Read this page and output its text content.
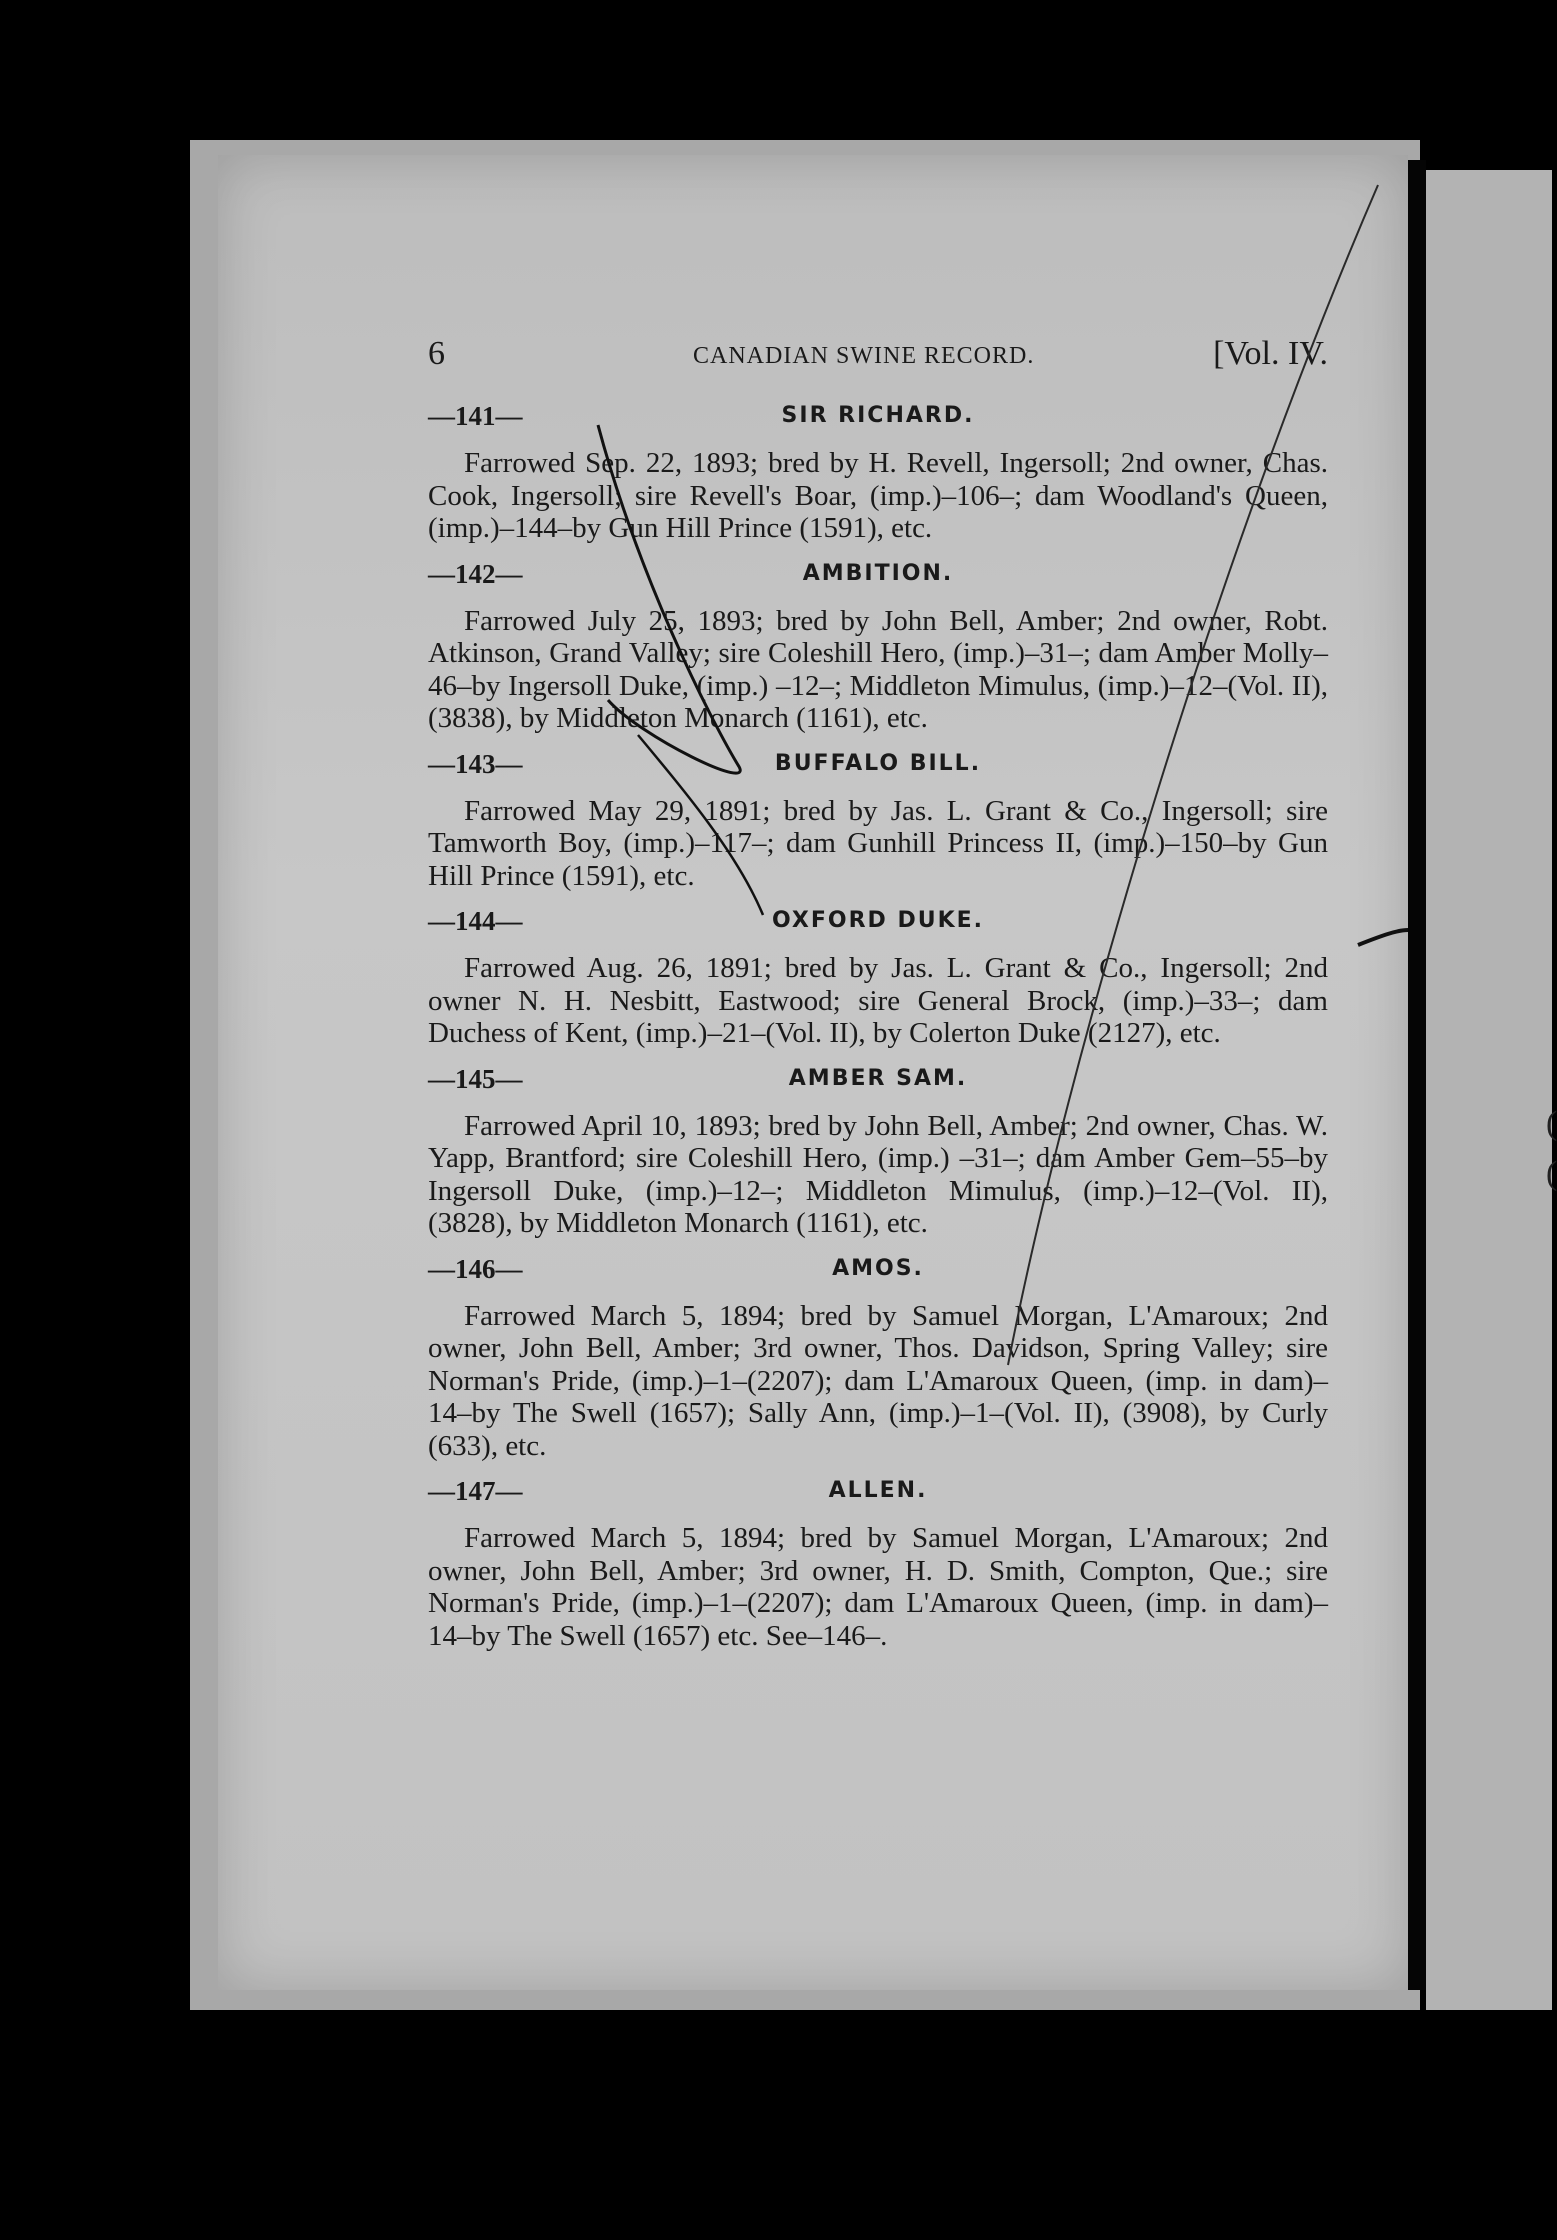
6	CANADIAN SWINE RECORD.	[Vol. IV.
—141—	SIR RICHARD.
Farrowed Sep. 22, 1893; bred by H. Revell, Ingersoll; 2nd owner, Chas. Cook, Ingersoll; sire Revell's Boar, (imp.)–106–; dam Woodland's Queen, (imp.)–144–by Gun Hill Prince (1591), etc.
—142—	AMBITION.
Farrowed July 25, 1893; bred by John Bell, Amber; 2nd owner, Robt. Atkinson, Grand Valley; sire Coleshill Hero, (imp.)–31–; dam Amber Molly–46–by Ingersoll Duke, (imp.) –12–; Middleton Mimulus, (imp.)–12–(Vol. II), (3838), by Middleton Monarch (1161), etc.
—143—	BUFFALO BILL.
Farrowed May 29, 1891; bred by Jas. L. Grant & Co., Ingersoll; sire Tamworth Boy, (imp.)–117–; dam Gunhill Princess II, (imp.)–150–by Gun Hill Prince (1591), etc.
—144—	OXFORD DUKE.
Farrowed Aug. 26, 1891; bred by Jas. L. Grant & Co., Ingersoll; 2nd owner N. H. Nesbitt, Eastwood; sire General Brock, (imp.)–33–; dam Duchess of Kent, (imp.)–21–(Vol. II), by Colerton Duke (2127), etc.
—145—	AMBER SAM.
Farrowed April 10, 1893; bred by John Bell, Amber; 2nd owner, Chas. W. Yapp, Brantford; sire Coleshill Hero, (imp.) –31–; dam Amber Gem–55–by Ingersoll Duke, (imp.)–12–; Middleton Mimulus, (imp.)–12–(Vol. II), (3828), by Middleton Monarch (1161), etc.
—146—	AMOS.
Farrowed March 5, 1894; bred by Samuel Morgan, L'Amaroux; 2nd owner, John Bell, Amber; 3rd owner, Thos. Davidson, Spring Valley; sire Norman's Pride, (imp.)–1–(2207); dam L'Amaroux Queen, (imp. in dam)–14–by The Swell (1657); Sally Ann, (imp.)–1–(Vol. II), (3908), by Curly (633), etc.
—147—	ALLEN.
Farrowed March 5, 1894; bred by Samuel Morgan, L'Amaroux; 2nd owner, John Bell, Amber; 3rd owner, H. D. Smith, Compton, Que.; sire Norman's Pride, (imp.)–1–(2207); dam L'Amaroux Queen, (imp. in dam)–14–by The Swell (1657) etc. See–146–.
(
(
